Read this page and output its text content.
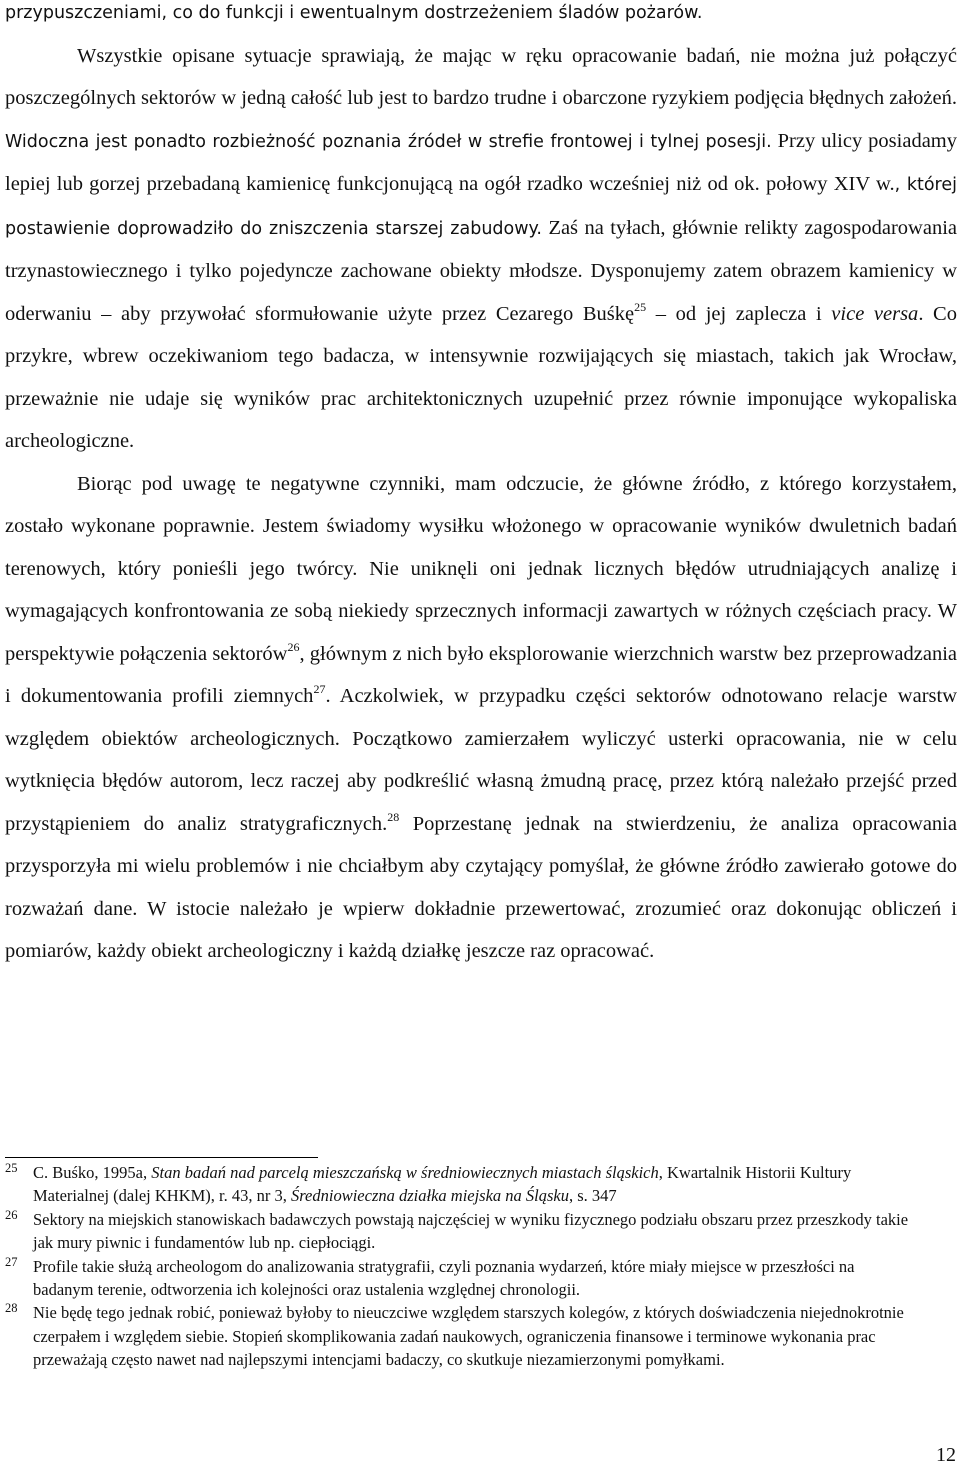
przypuszczeniami, co do funkcji i ewentualnym dostrzeżeniem śladów pożarów.

Wszystkie opisane sytuacje sprawiają, że mając w ręku opracowanie badań, nie można już połączyć poszczególnych sektorów w jedną całość lub jest to bardzo trudne i obarczone ryzykiem podjęcia błędnych założeń. Widoczna jest ponadto rozbieżność poznania źródeł w strefie frontowej i tylnej posesji. Przy ulicy posiadamy lepiej lub gorzej przebadaną kamienicę funkcjonującą na ogół rzadko wcześniej niż od ok. połowy XIV w., której postawienie doprowadziło do zniszczenia starszej zabudowy. Zaś na tyłach, głównie relikty zagospodarowania trzynastowiecznego i tylko pojedyncze zachowane obiekty młodsze. Dysponujemy zatem obrazem kamienicy w oderwaniu – aby przywołać sformułowanie użyte przez Cezarego Buśkę$^{25}$ – od jej zaplecza i vice versa. Co przykre, wbrew oczekiwaniom tego badacza, w intensywnie rozwijających się miastach, takich jak Wrocław, przeważnie nie udaje się wyników prac architektonicznych uzupełnić przez równie imponujące wykopaliska archeologiczne.

Biorąc pod uwagę te negatywne czynniki, mam odczucie, że główne źródło, z którego korzystałem, zostało wykonane poprawnie. Jestem świadomy wysiłku włożonego w opracowanie wyników dwuletnich badań terenowych, który ponieśli jego twórcy. Nie uniknęli oni jednak licznych błędów utrudniających analizę i wymagających konfrontowania ze sobą niekiedy sprzecznych informacji zawartych w różnych częściach pracy. W perspektywie połączenia sektorów$^{26}$, głównym z nich było eksplorowanie wierzchnich warstw bez przeprowadzania i dokumentowania profili ziemnych$^{27}$. Aczkolwiek, w przypadku części sektorów odnotowano relacje warstw względem obiektów archeologicznych. Początkowo zamierzałem wyliczyć usterki opracowania, nie w celu wytknięcia błędów autorom, lecz raczej aby podkreślić własną żmudną pracę, przez którą należało przejść przed przystąpieniem do analiz stratygraficznych.$^{28}$ Poprzestanę jednak na stwierdzeniu, że analiza opracowania przysporzyła mi wielu problemów i nie chciałbym aby czytający pomyślał, że główne źródło zawierało gotowe do rozważań dane. W istocie należało je wpierw dokładnie przewertować, zrozumieć oraz dokonując obliczeń i pomiarów, każdy obiekt archeologiczny i każdą działkę jeszcze raz opracować.

25 C. Buśko, 1995a, Stan badań nad parcelą mieszczańską w średniowiecznych miastach śląskich, Kwartalnik Historii Kultury Materialnej (dalej KHKM), r. 43, nr 3, Średniowieczna działka miejska na Śląsku, s. 347

26 Sektory na miejskich stanowiskach badawczych powstają najczęściej w wyniku fizycznego podziału obszaru przez przeszkody takie jak mury piwnic i fundamentów lub np. ciepłociągi.

27 Profile takie służą archeologom do analizowania stratygrafii, czyli poznania wydarzeń, które miały miejsce w przeszłości na badanym terenie, odtworzenia ich kolejności oraz ustalenia względnej chronologii.

28 Nie będę tego jednak robić, ponieważ byłoby to nieuczciwe względem starszych kolegów, z których doświadczenia niejednokrotnie czerpałem i względem siebie. Stopień skomplikowania zadań naukowych, ograniczenia finansowe i terminowe wykonania prac przeważają często nawet nad najlepszymi intencjami badaczy, co skutkuje niezamierzonymi pomyłkami.

12
